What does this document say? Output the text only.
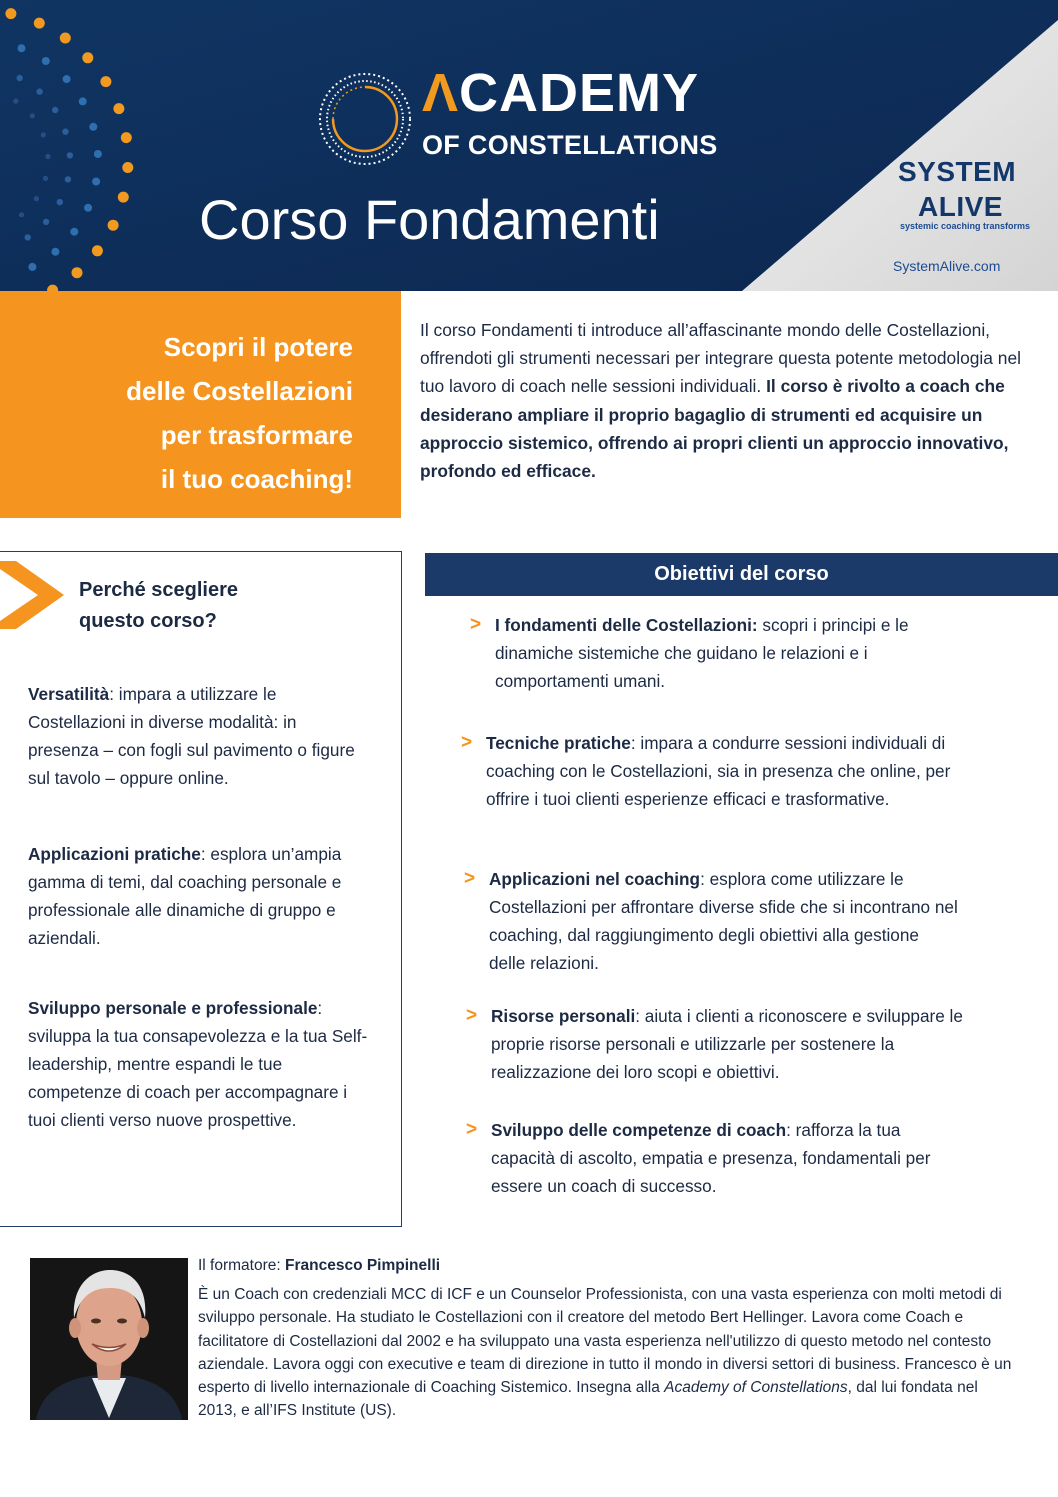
ΛCADEMY
OF CONSTELLATIONS
Corso Fondamenti
SYSTEM
ALIVE
systemic coaching transforms
SystemAlive.com
Scopri il potere
delle Costellazioni
per trasformare
il tuo coaching!
Il corso Fondamenti ti introduce all’affascinante mondo delle Costellazioni, offrendoti gli strumenti necessari per integrare questa potente metodologia nel tuo lavoro di coach nelle sessioni individuali. Il corso è rivolto a coach che desiderano ampliare il proprio bagaglio di strumenti ed acquisire un approccio sistemico, offrendo ai propri clienti un approccio innovativo, profondo ed efficace.
Perché scegliere
questo corso?
Versatilità: impara a utilizzare le Costellazioni in diverse modalità: in presenza – con fogli sul pavimento o figure sul tavolo – oppure online.
Applicazioni pratiche: esplora un’ampia gamma di temi, dal coaching personale e professionale alle dinamiche di gruppo e aziendali.
Sviluppo personale e professionale: sviluppa la tua consapevolezza e la tua Self-leadership, mentre espandi le tue competenze di coach per accompagnare i tuoi clienti verso nuove prospettive.
Obiettivi del corso
> I fondamenti delle Costellazioni: scopri i principi e le dinamiche sistemiche che guidano le relazioni e i comportamenti umani.
> Tecniche pratiche: impara a condurre sessioni individuali di coaching con le Costellazioni, sia in presenza che online, per offrire i tuoi clienti esperienze efficaci e trasformative.
> Applicazioni nel coaching: esplora come utilizzare le Costellazioni per affrontare diverse sfide che si incontrano nel coaching, dal raggiungimento degli obiettivi alla gestione delle relazioni.
> Risorse personali: aiuta i clienti a riconoscere e sviluppare le proprie risorse personali e utilizzarle per sostenere la realizzazione dei loro scopi e obiettivi.
> Sviluppo delle competenze di coach: rafforza la tua capacità di ascolto, empatia e presenza, fondamentali per essere un coach di successo.
Il formatore: Francesco Pimpinelli
È un Coach con credenziali MCC di ICF e un Counselor Professionista, con una vasta esperienza con molti metodi di sviluppo personale. Ha studiato le Costellazioni con il creatore del metodo Bert Hellinger. Lavora come Coach e facilitatore di Costellazioni dal 2002 e ha sviluppato una vasta esperienza nell'utilizzo di questo metodo nel contesto aziendale. Lavora oggi con executive e team di direzione in tutto il mondo in diversi settori di business. Francesco è un esperto di livello internazionale di Coaching Sistemico. Insegna alla Academy of Constellations, dal lui fondata nel 2013, e all’IFS Institute (US).
